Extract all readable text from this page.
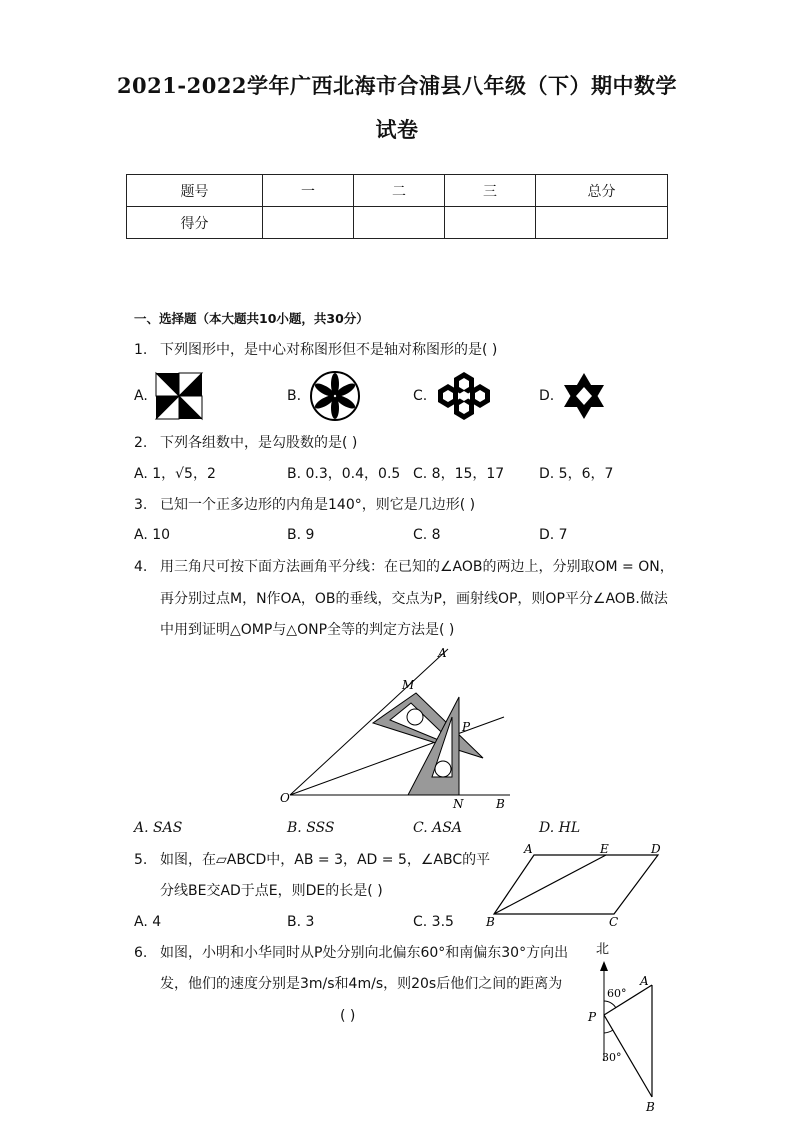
2021-2022学年广西北海市合浦县八年级（下）期中数学
试卷
题号	一	二	三	总分
得分				
一、选择题（本大题共10小题，共30分）
1. 下列图形中，是中心对称图形但不是轴对称图形的是( )
A.	B.	C.	D.
2. 下列各组数中，是勾股数的是( )
A. 1，√5，2	B. 0.3，0.4，0.5 C. 8，15，17 D. 5，6，7
3. 已知一个正多边形的内角是140°，则它是几边形( )
A. 10	B. 9	C. 8	D. 7
4. 用三角尺可按下面方法画角平分线：在已知的∠AOB的两边上，分别取OM = ON，
再分别过点M，N作OA，OB的垂线，交点为P，画射线OP，则OP平分∠AOB.做法
中用到证明△OMP与△ONP全等的判定方法是( )
A
M
P
O	N	B
A. SAS	B. SSS	C. ASA	D. HL
5. 如图，在▱ABCD中，AB = 3，AD = 5，∠ABC的平
分线BE交AD于点E，则DE的长是( )
A	E	D
B	C
A. 4	B. 3	C. 3.5
6. 如图，小明和小华同时从P处分别向北偏东60°和南偏东30°方向出
发，他们的速度分别是3m/s和4m/s，则20s后他们之间的距离为
( )
北
A
P
B
60°
30°
